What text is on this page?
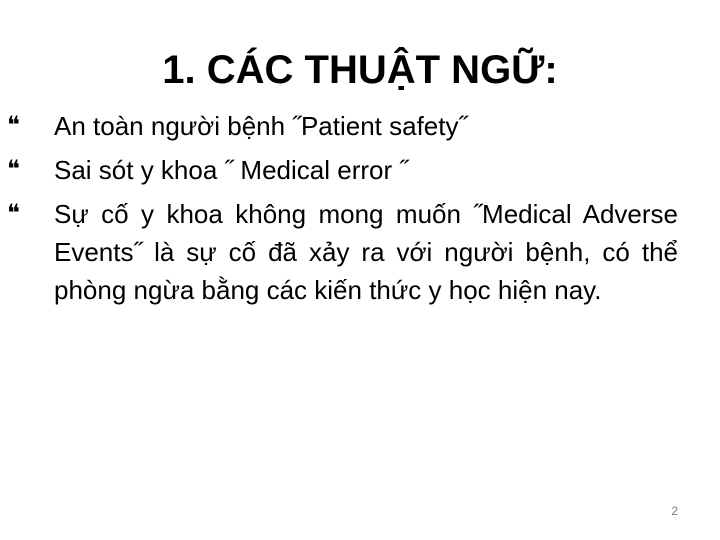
1. CÁC THUẬT NGỮ:
❝	An toàn người bệnh ˝Patient safety˝
❝	Sai sót y khoa ˝ Medical error ˝
❝	Sự cố y khoa không mong muốn ˝Medical Adverse Events˝ là sự cố đã xảy ra với người bệnh, có thể phòng ngừa bằng các kiến thức y học hiện nay.
2
